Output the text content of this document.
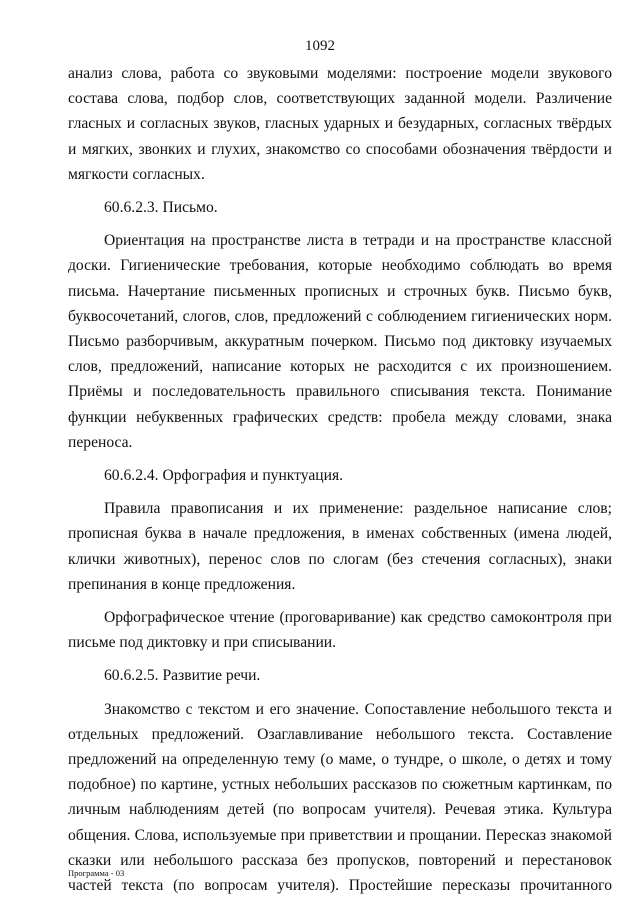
1092

анализ слова, работа со звуковыми моделями: построение модели звукового состава слова, подбор слов, соответствующих заданной модели. Различение гласных и согласных звуков, гласных ударных и безударных, согласных твёрдых и мягких, звонких и глухих, знакомство со способами обозначения твёрдости и мягкости согласных.

60.6.2.3. Письмо.

Ориентация на пространстве листа в тетради и на пространстве классной доски. Гигиенические требования, которые необходимо соблюдать во время письма. Начертание письменных прописных и строчных букв. Письмо букв, буквосочетаний, слогов, слов, предложений с соблюдением гигиенических норм. Письмо разборчивым, аккуратным почерком. Письмо под диктовку изучаемых слов, предложений, написание которых не расходится с их произношением. Приёмы и последовательность правильного списывания текста. Понимание функции небуквенных графических средств: пробела между словами, знака переноса.

60.6.2.4. Орфография и пунктуация.

Правила правописания и их применение: раздельное написание слов; прописная буква в начале предложения, в именах собственных (имена людей, клички животных), перенос слов по слогам (без стечения согласных), знаки препинания в конце предложения.

Орфографическое чтение (проговаривание) как средство самоконтроля при письме под диктовку и при списывании.

60.6.2.5. Развитие речи.

Знакомство с текстом и его значение. Сопоставление небольшого текста и отдельных предложений. Озаглавливание небольшого текста. Составление предложений на определенную тему (о маме, о тундре, о школе, о детях и тому подобное) по картине, устных небольших рассказов по сюжетным картинкам, по личным наблюдениям детей (по вопросам учителя). Речевая этика. Культура общения. Слова, используемые при приветствии и прощании. Пересказ знакомой сказки или небольшого рассказа без пропусков, повторений и перестановок частей текста (по вопросам учителя). Простейшие пересказы прочитанного

Программа - 03
